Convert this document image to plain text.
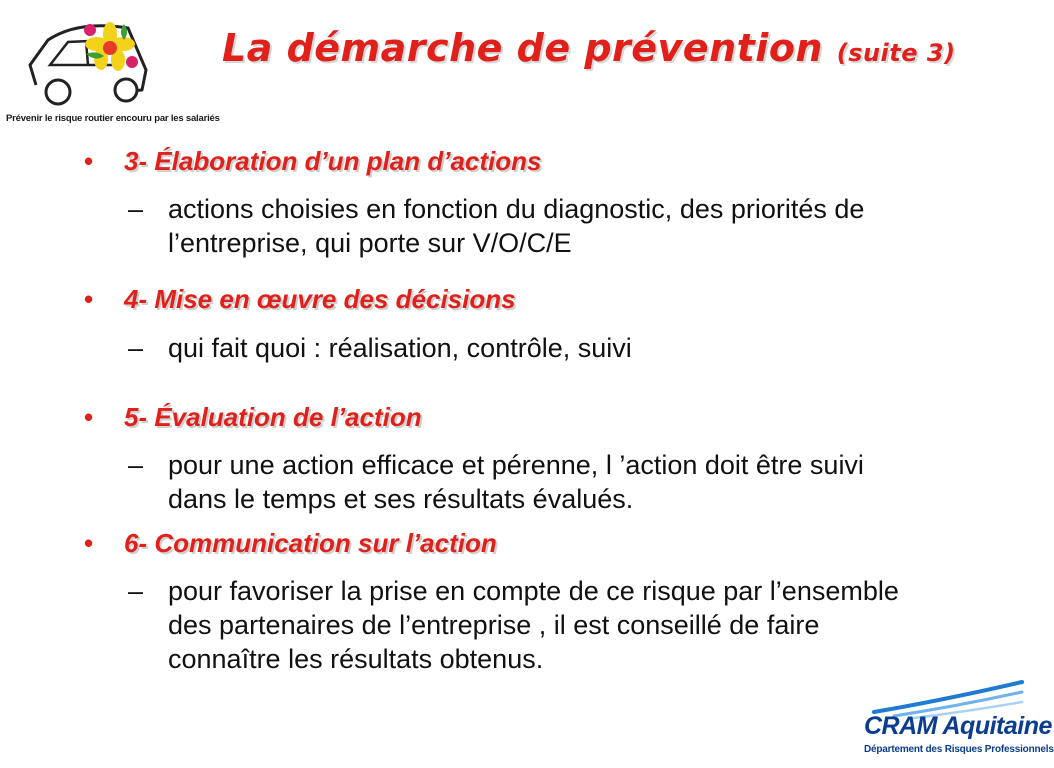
Prévenir le risque routier encouru par les salariés
La démarche de prévention (suite 3)
• 3- Élaboration d’un plan d’actions
– actions choisies en fonction du diagnostic, des priorités de l’entreprise, qui porte sur V/O/C/E
• 4- Mise en œuvre des décisions
– qui fait quoi : réalisation, contrôle, suivi
• 5- Évaluation de l’action
– pour une action efficace et pérenne, l ’action doit être suivi dans le temps et ses résultats évalués.
• 6- Communication sur l’action
– pour favoriser la prise en compte de ce risque par l’ensemble des partenaires de l’entreprise , il est conseillé de faire connaître les résultats obtenus.
CRAM Aquitaine
Département des Risques Professionnels
